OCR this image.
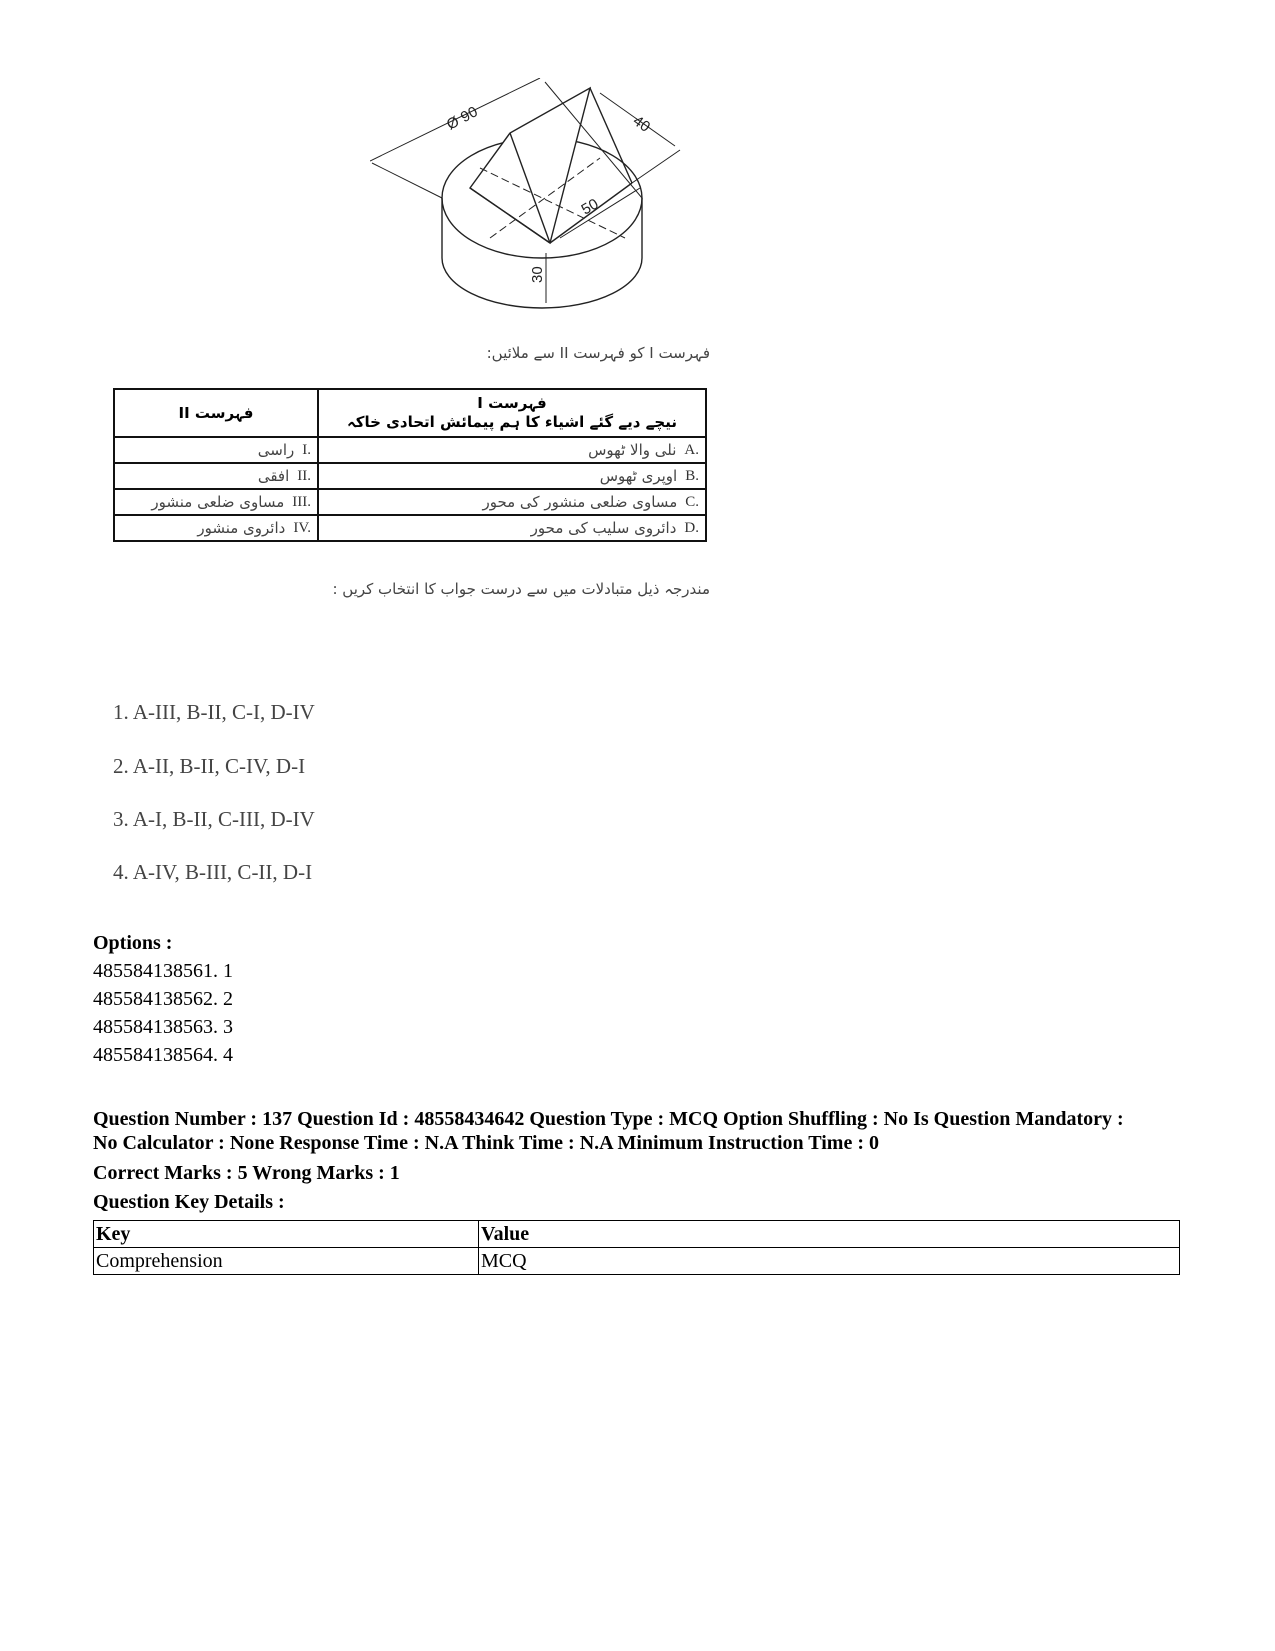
Ø 90	40
50
30
فہرست I کو فہرست II سے ملائیں:
فہرست II	فہرست I
نیچے دیے گئے اشیاء کا ہم پیمائش اتحادی خاکہ

راسی I.	نلی والا ٹھوس A.

افقی II.	اوپری ٹھوس B.

مساوی ضلعی منشور III.	مساوی ضلعی منشور کی محور C.

دائروی منشور IV.	دائروی سلیب کی محور D.
مندرجہ ذیل متبادلات میں سے درست جواب کا انتخاب کریں :
1. A-III, B-II, C-I, D-IV
2. A-II, B-II, C-IV, D-I
3. A-I, B-II, C-III, D-IV
4. A-IV, B-III, C-II, D-I
Options :
485584138561. 1
485584138562. 2
485584138563. 3
485584138564. 4
Question Number : 137 Question Id : 48558434642 Question Type : MCQ Option Shuffling : No Is Question Mandatory :
No Calculator : None Response Time : N.A Think Time : N.A Minimum Instruction Time : 0
Correct Marks : 5 Wrong Marks : 1
Question Key Details :
Key	Value
Comprehension	MCQ
